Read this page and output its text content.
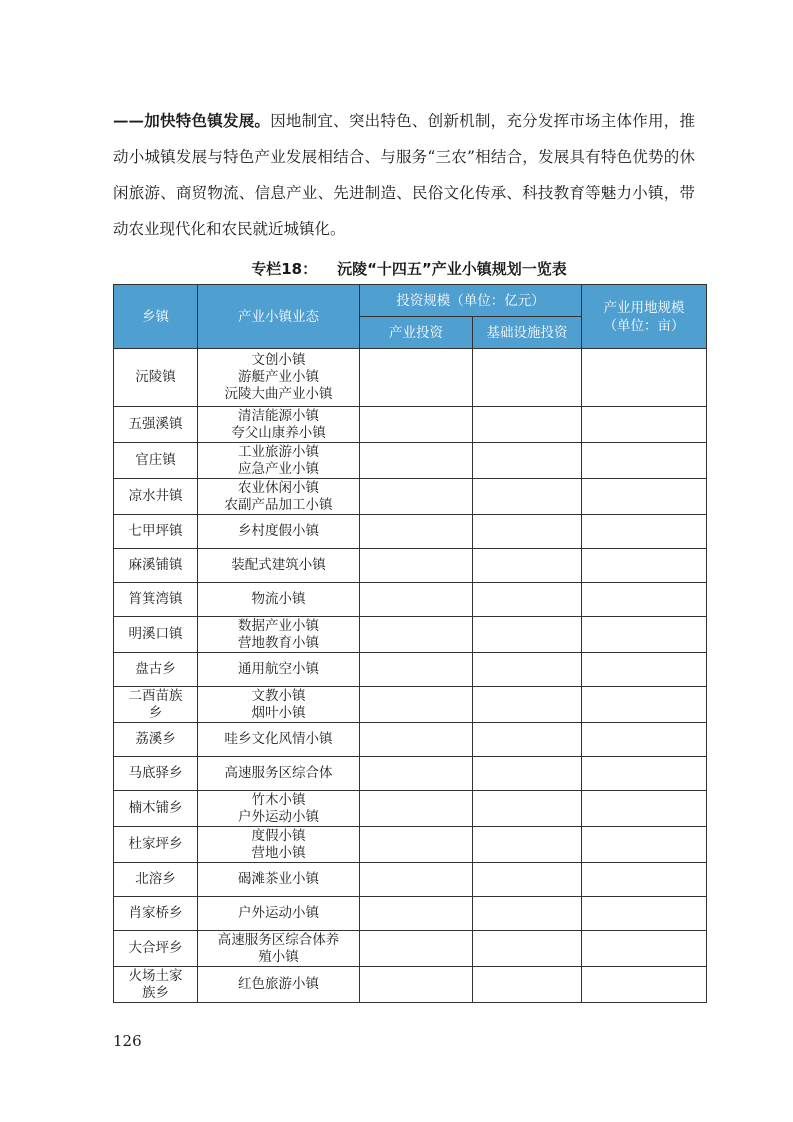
——加快特色镇发展。因地制宜、突出特色、创新机制，充分发挥市场主体作用，推动小城镇发展与特色产业发展相结合、与服务“三农”相结合，发展具有特色优势的休闲旅游、商贸物流、信息产业、先进制造、民俗文化传承、科技教育等魅力小镇，带动农业现代化和农民就近城镇化。

专栏18： 沅陵“十四五”产业小镇规划一览表
乡镇	产业小镇业态	投资规模（单位：亿元）		产业用地规模
（单位：亩）

		产业投资	基础设施投资	

沅陵镇	文创小镇
游艇产业小镇
沅陵大曲产业小镇			

五强溪镇	清洁能源小镇
夸父山康养小镇			

官庄镇	工业旅游小镇
应急产业小镇			

凉水井镇	农业休闲小镇
农副产品加工小镇			

七甲坪镇	乡村度假小镇			

麻溪铺镇	装配式建筑小镇			

筲箕湾镇	物流小镇			

明溪口镇	数据产业小镇
营地教育小镇			

盘古乡	通用航空小镇			

二酉苗族
乡	文教小镇
烟叶小镇			

荔溪乡	哇乡文化风情小镇			

马底驿乡	高速服务区综合体			

楠木铺乡	竹木小镇
户外运动小镇			

杜家坪乡	度假小镇
营地小镇			

北溶乡	碣滩茶业小镇			

肖家桥乡	户外运动小镇			

大合坪乡	高速服务区综合体养
殖小镇			

火场土家
族乡	红色旅游小镇			

126
